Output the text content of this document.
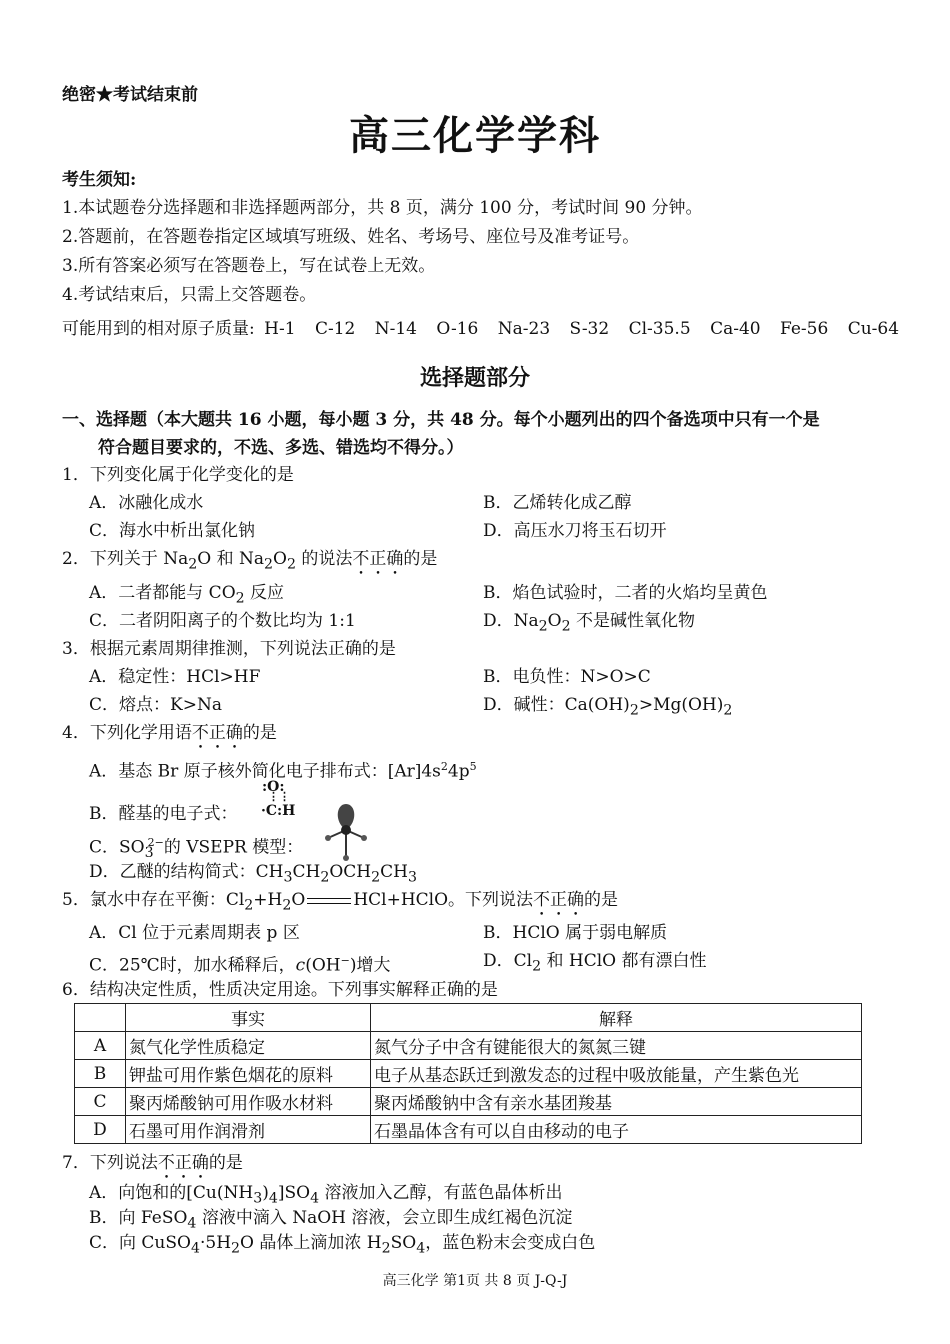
绝密★考试结束前
高三化学学科
考生须知:
1.本试题卷分选择题和非选择题两部分，共 8 页，满分 100 分，考试时间 90 分钟。
2.答题前，在答题卷指定区域填写班级、姓名、考场号、座位号及准考证号。
3.所有答案必须写在答题卷上，写在试卷上无效。
4.考试结束后，只需上交答题卷。
可能用到的相对原子质量: H-1 C-12 N-14 O-16 Na-23 S-32 Cl-35.5 Ca-40 Fe-56 Cu-64
选择题部分
一、选择题（本大题共 16 小题，每小题 3 分，共 48 分。每个小题列出的四个备选项中只有一个是
符合题目要求的，不选、多选、错选均不得分。）
1．下列变化属于化学变化的是
A．冰融化成水	B．乙烯转化成乙醇
C．海水中析出氯化钠	D．高压水刀将玉石切开
2．下列关于 $Na_2O$ 和 $Na_2O_2$ 的说法不正确的是
A．二者都能与 $CO_2$ 反应	B．焰色试验时，二者的火焰均呈黄色
C．二者阴阳离子的个数比均为 1:1	D．$Na_2O_2$ 不是碱性氧化物
3．根据元素周期律推测，下列说法正确的是
A．稳定性：HCl>HF	B．电负性：N>O>C
C．熔点：K>Na	D．碱性：$Ca(OH)_2>Mg(OH)_2$
4．下列化学用语不正确的是
A．基态 Br 原子核外简化电子排布式：$[Ar]4s^24p^5$
B．醛基的电子式：
:O:
⋮⋮
·C:H
C．$SO_3^{2-}$的 VSEPR 模型：
D．乙醚的结构简式：$CH_3CH_2OCH_2CH_3$
5．氯水中存在平衡：$Cl_2+H_2O$	HCl+HClO。下列说法不正确的是
A．Cl 位于元素周期表 p 区	B．HClO 属于弱电解质
C．25℃时，加水稀释后，c(OH−)增大	D．$Cl_2$ 和 HClO 都有漂白性
6．结构决定性质，性质决定用途。下列事实解释正确的是
	事实	解释
A	氮气化学性质稳定	氮气分子中含有键能很大的氮氮三键
B	钾盐可用作紫色烟花的原料	电子从基态跃迁到激发态的过程中吸放能量，产生紫色光
C	聚丙烯酸钠可用作吸水材料	聚丙烯酸钠中含有亲水基团羧基
D	石墨可用作润滑剂	石墨晶体含有可以自由移动的电子
7．下列说法不正确的是
A．向饱和的$[Cu(NH_3)_4]SO_4$ 溶液加入乙醇，有蓝色晶体析出
B．向 FeSO$_4$ 溶液中滴入 NaOH 溶液，会立即生成红褐色沉淀
C．向 $CuSO_4\cdot 5H_2O$ 晶体上滴加浓 $H_2SO_4$，蓝色粉末会变成白色
高三化学 第1页 共 8 页 J-Q-J
